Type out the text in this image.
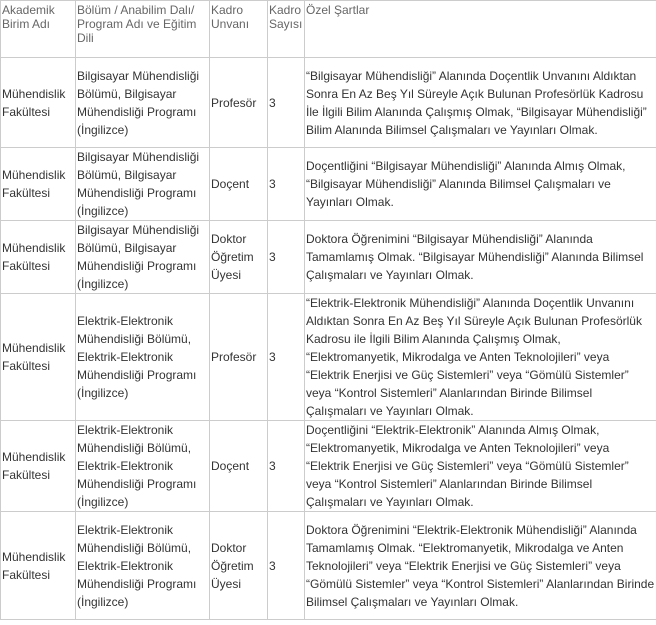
Akademik Birim Adı	Bölüm / Anabilim Dalı/ Program Adı ve Eğitim Dili	Kadro Unvanı	Kadro Sayısı	Özel Şartlar
Mühendislik Fakültesi	Bilgisayar Mühendisliği Bölümü, Bilgisayar Mühendisliği Programı (İngilizce)	Profesör	3	“Bilgisayar Mühendisliği” Alanında Doçentlik Unvanını Aldıktan Sonra En Az Beş Yıl Süreyle Açık Bulunan Profesörlük Kadrosu İle İlgili Bilim Alanında Çalışmış Olmak, “Bilgisayar Mühendisliği” Bilim Alanında Bilimsel Çalışmaları ve Yayınları Olmak.
Mühendislik Fakültesi	Bilgisayar Mühendisliği Bölümü, Bilgisayar Mühendisliği Programı (İngilizce)	Doçent	3	Doçentliğini “Bilgisayar Mühendisliği” Alanında Almış Olmak, “Bilgisayar Mühendisliği” Alanında Bilimsel Çalışmaları ve Yayınları Olmak.
Mühendislik Fakültesi	Bilgisayar Mühendisliği Bölümü, Bilgisayar Mühendisliği Programı (İngilizce)	Doktor Öğretim Üyesi	3	Doktora Öğrenimini “Bilgisayar Mühendisliği” Alanında Tamamlamış Olmak. “Bilgisayar Mühendisliği” Alanında Bilimsel Çalışmaları ve Yayınları Olmak.
Mühendislik Fakültesi	Elektrik-Elektronik Mühendisliği Bölümü, Elektrik-Elektronik Mühendisliği Programı (İngilizce)	Profesör	3	“Elektrik-Elektronik Mühendisliği” Alanında Doçentlik Unvanını Aldıktan Sonra En Az Beş Yıl Süreyle Açık Bulunan Profesörlük Kadrosu ile İlgili Bilim Alanında Çalışmış Olmak, “Elektromanyetik, Mikrodalga ve Anten Teknolojileri” veya “Elektrik Enerjisi ve Güç Sistemleri” veya “Gömülü Sistemler” veya “Kontrol Sistemleri” Alanlarından Birinde Bilimsel Çalışmaları ve Yayınları Olmak.
Mühendislik Fakültesi	Elektrik-Elektronik Mühendisliği Bölümü, Elektrik-Elektronik Mühendisliği Programı (İngilizce)	Doçent	3	Doçentliğini “Elektrik-Elektronik” Alanında Almış Olmak, “Elektromanyetik, Mikrodalga ve Anten Teknolojileri” veya “Elektrik Enerjisi ve Güç Sistemleri” veya “Gömülü Sistemler” veya “Kontrol Sistemleri” Alanlarından Birinde Bilimsel Çalışmaları ve Yayınları Olmak.
Mühendislik Fakültesi	Elektrik-Elektronik Mühendisliği Bölümü, Elektrik-Elektronik Mühendisliği Programı (İngilizce)	Doktor Öğretim Üyesi	3	Doktora Öğrenimini “Elektrik-Elektronik Mühendisliği” Alanında Tamamlamış Olmak. “Elektromanyetik, Mikrodalga ve Anten Teknolojileri” veya “Elektrik Enerjisi ve Güç Sistemleri” veya “Gömülü Sistemler” veya “Kontrol Sistemleri” Alanlarından Birinde Bilimsel Çalışmaları ve Yayınları Olmak.
